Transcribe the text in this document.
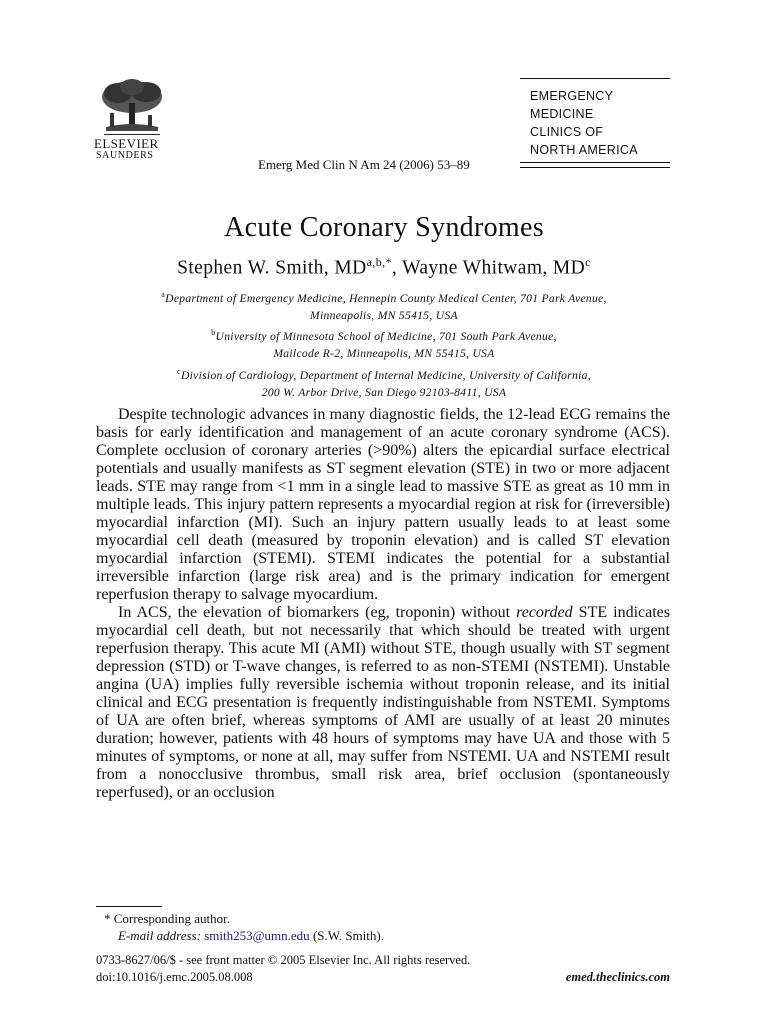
ELSEVIER
SAUNDERS
Emerg Med Clin N Am 24 (2006) 53–89
EMERGENCY
MEDICINE
CLINICS OF
NORTH AMERICA
Acute Coronary Syndromes
Stephen W. Smith, $MD^{a,b,*}$, Wayne Whitwam, $MD^c$
$^a$Department of Emergency Medicine, Hennepin County Medical Center, 701 Park Avenue,
Minneapolis, MN 55415, USA
$^b$University of Minnesota School of Medicine, 701 South Park Avenue,
Mailcode R-2, Minneapolis, MN 55415, USA
$^c$Division of Cardiology, Department of Internal Medicine, University of California,
200 W. Arbor Drive, San Diego 92103-8411, USA

Despite technologic advances in many diagnostic fields, the 12-lead ECG remains the basis for early identification and management of an acute coronary syndrome (ACS). Complete occlusion of coronary arteries (>90%) alters the epicardial surface electrical potentials and usually manifests as ST segment elevation (STE) in two or more adjacent leads. STE may range from <1 mm in a single lead to massive STE as great as 10 mm in multiple leads. This injury pattern represents a myocardial region at risk for (irreversible) myocardial infarction (MI). Such an injury pattern usually leads to at least some myocardial cell death (measured by troponin elevation) and is called ST elevation myocardial infarction (STEMI). STEMI indicates the potential for a substantial irreversible infarction (large risk area) and is the primary indication for emergent reperfusion therapy to salvage myocardium.

In ACS, the elevation of biomarkers (eg, troponin) without recorded STE indicates myocardial cell death, but not necessarily that which should be treated with urgent reperfusion therapy. This acute MI (AMI) without STE, though usually with ST segment depression (STD) or T-wave changes, is referred to as non-STEMI (NSTEMI). Unstable angina (UA) implies fully reversible ischemia without troponin release, and its initial clinical and ECG presentation is frequently indistinguishable from NSTEMI. Symptoms of UA are often brief, whereas symptoms of AMI are usually of at least 20 minutes duration; however, patients with 48 hours of symptoms may have UA and those with 5 minutes of symptoms, or none at all, may suffer from NSTEMI. UA and NSTEMI result from a nonocclusive thrombus, small risk area, brief occlusion (spontaneously reperfused), or an occlusion

* Corresponding author.
E-mail address: smith253@umn.edu (S.W. Smith).
0733-8627/06/$ - see front matter © 2005 Elsevier Inc. All rights reserved.
doi:10.1016/j.emc.2005.08.008	emed.theclinics.com
